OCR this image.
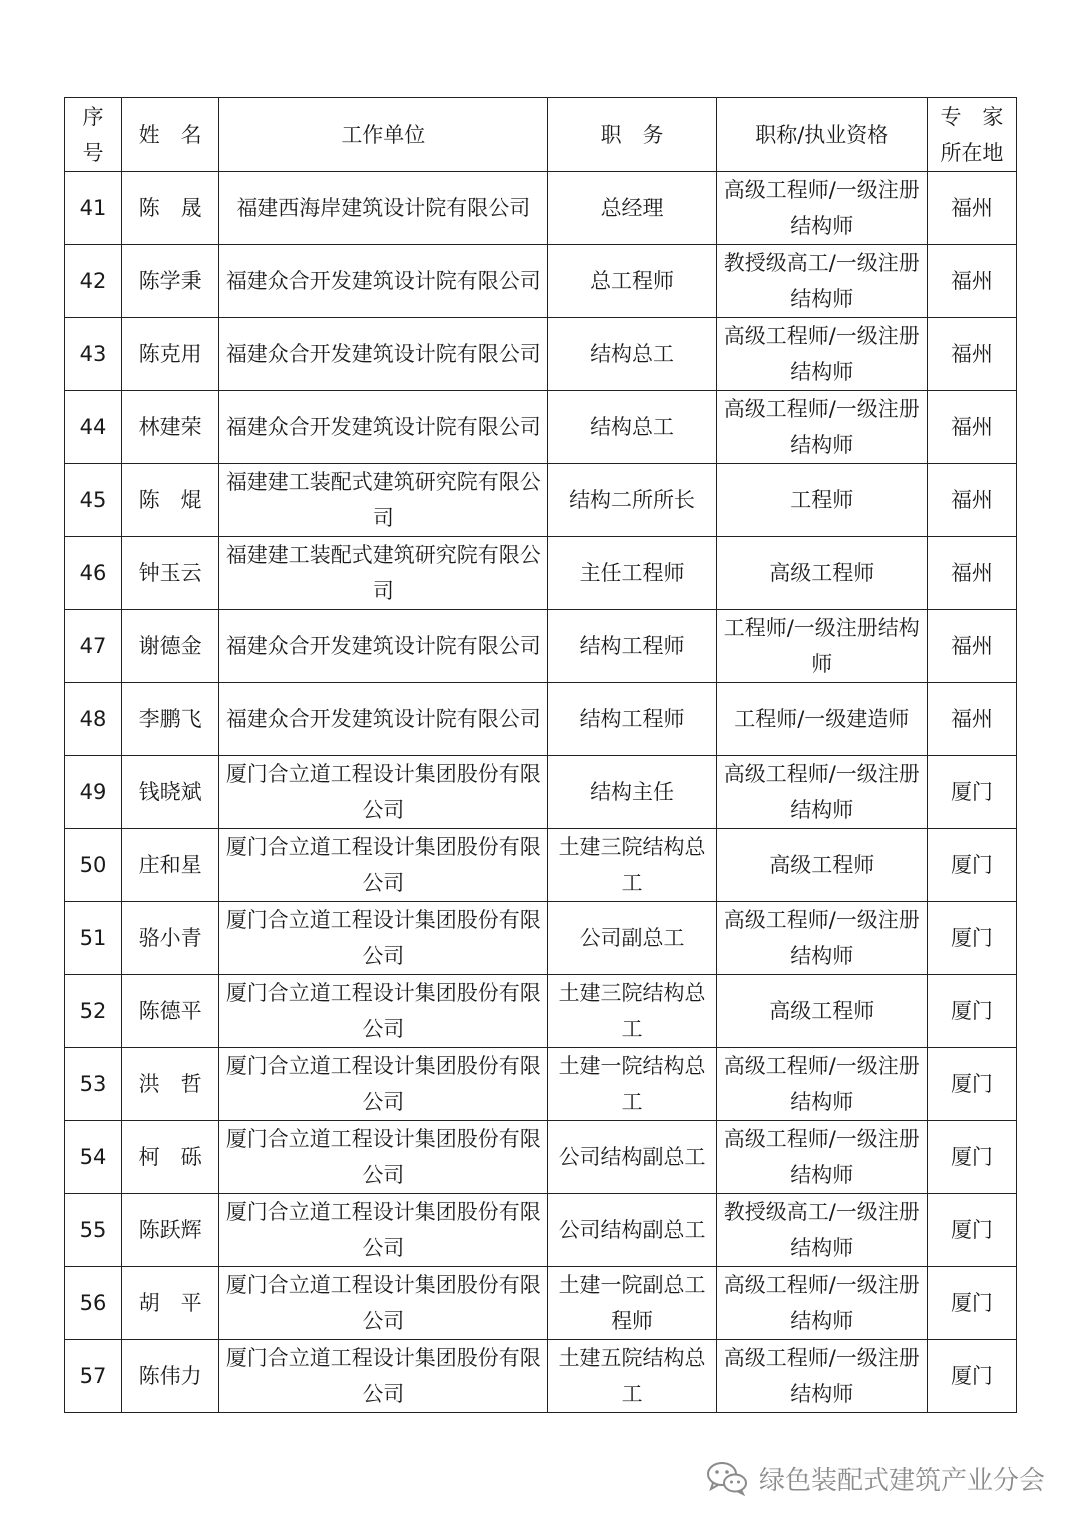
序号	姓　名	工作单位	职　务	职称/执业资格	专　家所在地
41	陈　晟	福建西海岸建筑设计院有限公司	总经理	高级工程师/一级注册结构师	福州
42	陈学秉	福建众合开发建筑设计院有限公司	总工程师	教授级高工/一级注册结构师	福州
43	陈克用	福建众合开发建筑设计院有限公司	结构总工	高级工程师/一级注册结构师	福州
44	林建荣	福建众合开发建筑设计院有限公司	结构总工	高级工程师/一级注册结构师	福州
45	陈　焜	福建建工装配式建筑研究院有限公司	结构二所所长	工程师	福州
46	钟玉云	福建建工装配式建筑研究院有限公司	主任工程师	高级工程师	福州
47	谢德金	福建众合开发建筑设计院有限公司	结构工程师	工程师/一级注册结构师	福州
48	李鹏飞	福建众合开发建筑设计院有限公司	结构工程师	工程师/一级建造师	福州
49	钱晓斌	厦门合立道工程设计集团股份有限公司	结构主任	高级工程师/一级注册结构师	厦门
50	庄和星	厦门合立道工程设计集团股份有限公司	土建三院结构总工	高级工程师	厦门
51	骆小青	厦门合立道工程设计集团股份有限公司	公司副总工	高级工程师/一级注册结构师	厦门
52	陈德平	厦门合立道工程设计集团股份有限公司	土建三院结构总工	高级工程师	厦门
53	洪　哲	厦门合立道工程设计集团股份有限公司	土建一院结构总工	高级工程师/一级注册结构师	厦门
54	柯　砾	厦门合立道工程设计集团股份有限公司	公司结构副总工	高级工程师/一级注册结构师	厦门
55	陈跃辉	厦门合立道工程设计集团股份有限公司	公司结构副总工	教授级高工/一级注册结构师	厦门
56	胡　平	厦门合立道工程设计集团股份有限公司	土建一院副总工程师	高级工程师/一级注册结构师	厦门
57	陈伟力	厦门合立道工程设计集团股份有限公司	土建五院结构总工	高级工程师/一级注册结构师	厦门
绿色装配式建筑产业分会
